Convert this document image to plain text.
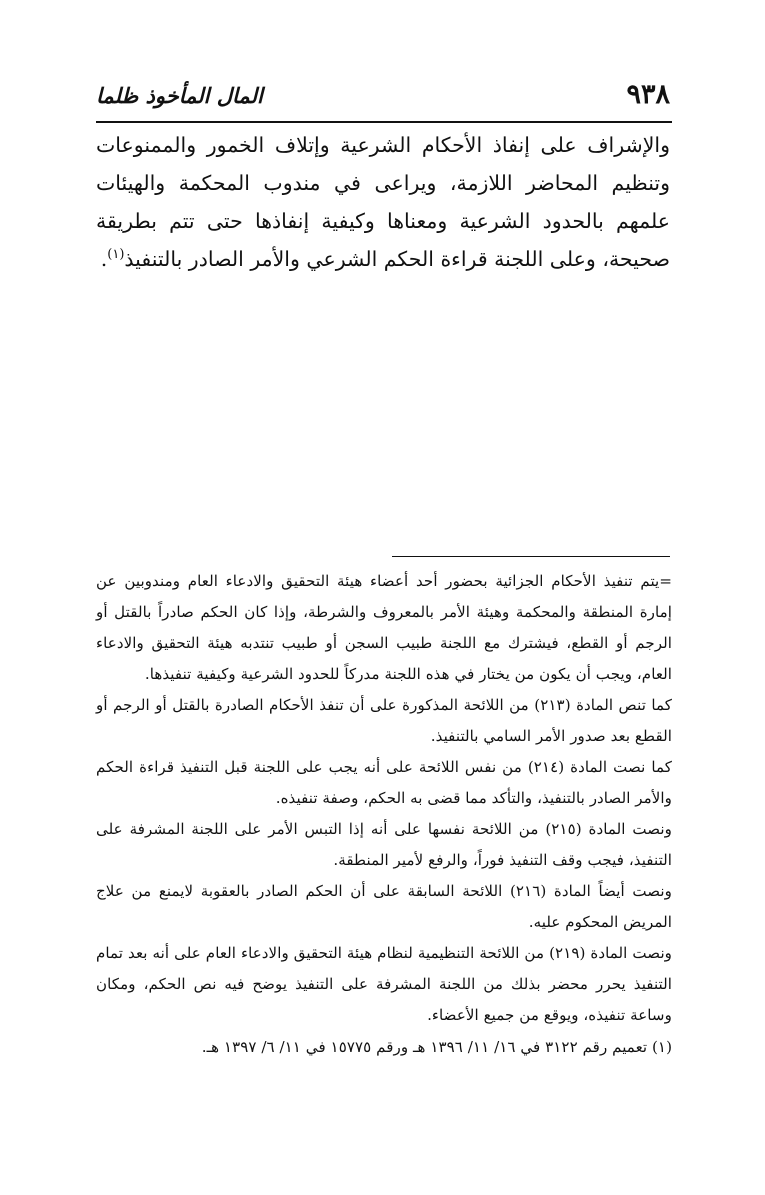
٩٣٨
المال المأخوذ ظلما

والإشراف على إنفاذ الأحكام الشرعية وإتلاف الخمور والممنوعات وتنظيم المحاضر اللازمة، ويراعى في مندوب المحكمة والهيئات علمهم بالحدود الشرعية ومعناها وكيفية إنفاذها حتى تتم بطريقة صحيحة، وعلى اللجنة قراءة الحكم الشرعي والأمر الصادر بالتنفيذ$^{(١)}$.

=يتم تنفيذ الأحكام الجزائية بحضور أحد أعضاء هيئة التحقيق والادعاء العام ومندوبين عن إمارة المنطقة والمحكمة وهيئة الأمر بالمعروف والشرطة، وإذا كان الحكم صادراً بالقتل أو الرجم أو القطع، فيشترك مع اللجنة طبيب السجن أو طبيب تنتدبه هيئة التحقيق والادعاء العام، ويجب أن يكون من يختار في هذه اللجنة مدركاً للحدود الشرعية وكيفية تنفيذها.

كما تنص المادة (٢١٣) من اللائحة المذكورة على أن تنفذ الأحكام الصادرة بالقتل أو الرجم أو القطع بعد صدور الأمر السامي بالتنفيذ.

كما نصت المادة (٢١٤) من نفس اللائحة على أنه يجب على اللجنة قبل التنفيذ قراءة الحكم والأمر الصادر بالتنفيذ، والتأكد مما قضى به الحكم، وصفة تنفيذه.

ونصت المادة (٢١٥) من اللائحة نفسها على أنه إذا التبس الأمر على اللجنة المشرفة على التنفيذ، فيجب وقف التنفيذ فوراً، والرفع لأمير المنطقة.

ونصت أيضاً المادة (٢١٦) اللائحة السابقة على أن الحكم الصادر بالعقوبة لايمنع من علاج المريض المحكوم عليه.

ونصت المادة (٢١٩) من اللائحة التنظيمية لنظام هيئة التحقيق والادعاء العام على أنه بعد تمام التنفيذ يحرر محضر بذلك من اللجنة المشرفة على التنفيذ يوضح فيه نص الحكم، ومكان وساعة تنفيذه، ويوقع من جميع الأعضاء.

(١) تعميم رقم ٣١٢٢ في ١٦/ ١١/ ١٣٩٦ هـ ورقم ١٥٧٧٥ في ١١/ ٦/ ١٣٩٧ هـ.
